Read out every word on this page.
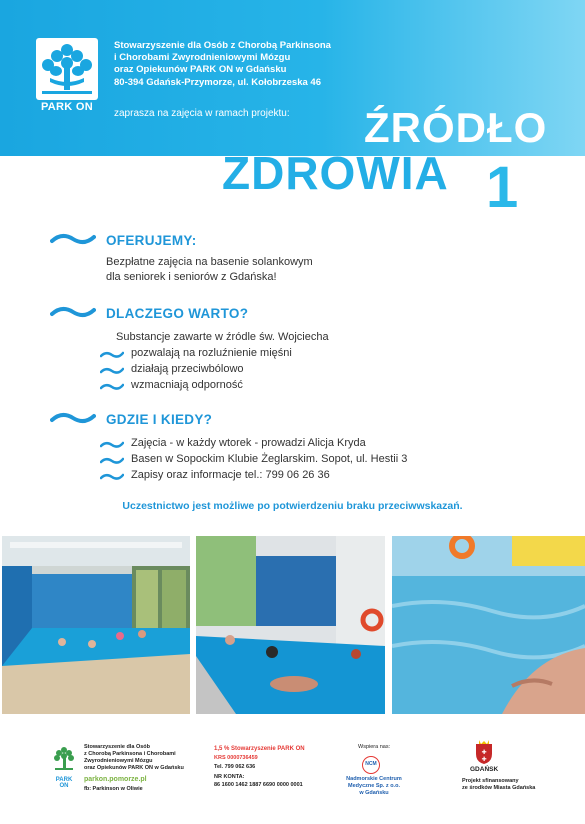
PARK ON
Stowarzyszenie dla Osób z Chorobą Parkinsona
i Chorobami Zwyrodnieniowymi Mózgu
oraz Opiekunów PARK ON w Gdańsku
80-394 Gdańsk-Przymorze, ul. Kołobrzeska 46
zaprasza na zajęcia w ramach projektu: ŹRÓDŁO
ZDROWIA 1
OFERUJEMY:
Bezpłatne zajęcia na basenie solankowym
dla seniorek i seniorów z Gdańska!
DLACZEGO WARTO?
Substancje zawarte w źródle św. Wojciecha
pozwalają na rozluźnienie mięśni
działają przeciwbólowo
wzmacniają odporność
GDZIE I KIEDY?
Zajęcia - w każdy wtorek - prowadzi Alicja Kryda
Basen w Sopockim Klubie Żeglarskim. Sopot, ul. Hestii 3
Zapisy oraz informacje tel.: 799 06 26 36
Uczestnictwo jest możliwe po potwierdzeniu braku przeciwwskazań.
PARK ON
Stowarzyszenie dla Osób
z Chorobą Parkinsona i Chorobami
Zwyrodnieniowymi Mózgu
oraz Opiekunów PARK ON w Gdańsku
parkon.pomorze.pl
fb: Parkinson w Oliwie
1,5 % Stowarzyszenie PARK ON
KRS 0000736459
Tel. 799 062 636
NR KONTA:
86 1600 1462 1887 6690 0000 0001
Wspiera nas:
NCM
Nadmorskie Centrum Medyczne Sp. z o.o.
w Gdańsku
✚
✚
GDAŃSK
Projekt sfinansowany
ze środków Miasta Gdańska
